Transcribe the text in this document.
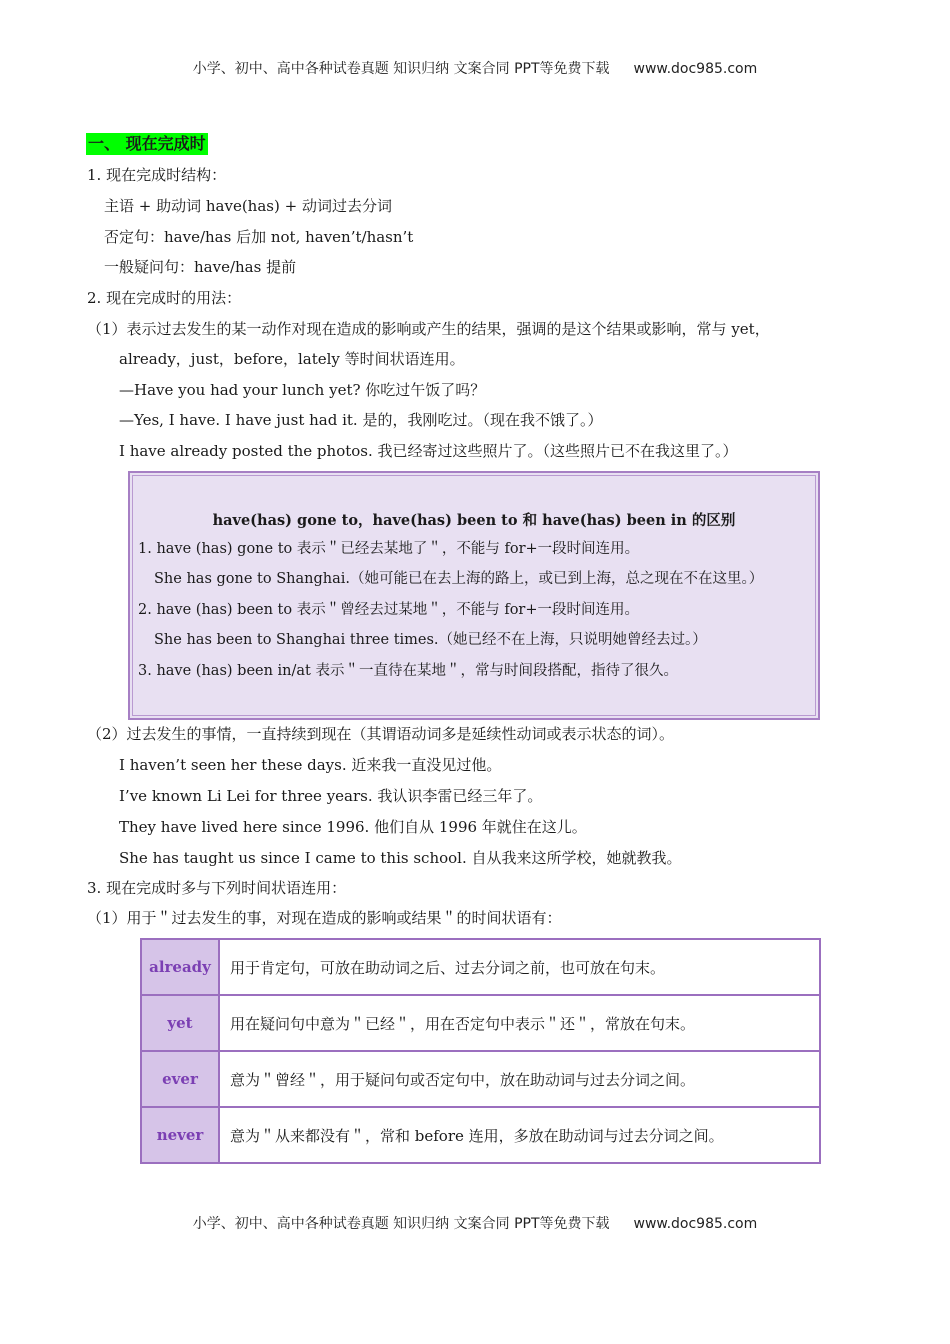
小学、初中、高中各种试卷真题 知识归纳 文案合同 PPT等免费下载 www.doc985.com
一、 现在完成时
1. 现在完成时结构：
主语 + 助动词 have(has) + 动词过去分词
否定句：have/has 后加 not, haven’t/hasn’t
一般疑问句：have/has 提前
2. 现在完成时的用法：
（1）表示过去发生的某一动作对现在造成的影响或产生的结果，强调的是这个结果或影响，常与 yet，
already，just，before，lately 等时间状语连用。
—Have you had your lunch yet? 你吃过午饭了吗？
—Yes, I have. I have just had it. 是的，我刚吃过。（现在我不饿了。）
I have already posted the photos. 我已经寄过这些照片了。（这些照片已不在我这里了。）
have(has) gone to，have(has) been to 和 have(has) been in 的区别
1. have (has) gone to 表示＂已经去某地了＂，不能与 for+一段时间连用。
She has gone to Shanghai.（她可能已在去上海的路上，或已到上海，总之现在不在这里。）
2. have (has) been to 表示＂曾经去过某地＂，不能与 for+一段时间连用。
She has been to Shanghai three times.（她已经不在上海，只说明她曾经去过。）
3. have (has) been in/at 表示＂一直待在某地＂，常与时间段搭配，指待了很久。
（2）过去发生的事情，一直持续到现在（其谓语动词多是延续性动词或表示状态的词）。
I haven’t seen her these days. 近来我一直没见过他。
I’ve known Li Lei for three years. 我认识李雷已经三年了。
They have lived here since 1996. 他们自从 1996 年就住在这儿。
She has taught us since I came to this school. 自从我来这所学校，她就教我。
3. 现在完成时多与下列时间状语连用：
（1）用于＂过去发生的事，对现在造成的影响或结果＂的时间状语有：
already	用于肯定句，可放在助动词之后、过去分词之前，也可放在句末。
yet	用在疑问句中意为＂已经＂，用在否定句中表示＂还＂，常放在句末。
ever	意为＂曾经＂，用于疑问句或否定句中，放在助动词与过去分词之间。
never	意为＂从来都没有＂，常和 before 连用，多放在助动词与过去分词之间。
小学、初中、高中各种试卷真题 知识归纳 文案合同 PPT等免费下载 www.doc985.com
